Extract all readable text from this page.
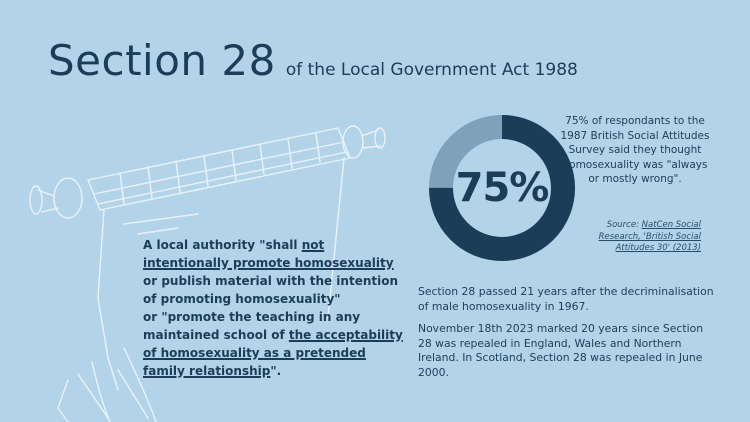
Section 28 of the Local Government Act 1988
A local authority "shall not intentionally promote homosexuality or publish material with the intention of promoting homosexuality"
or "promote the teaching in any maintained school of the acceptability of homosexuality as a pretended family relationship".
75%
75% of respondants to the 1987 British Social Attitudes Survey said they thought homosexuality was "always or mostly wrong".
Source: NatCen Social Research, 'British Social Attitudes 30' (2013)
Section 28 passed 21 years after the decriminalisation of male homosexuality in 1967.
November 18th 2023 marked 20 years since Section 28 was repealed in England, Wales and Northern Ireland. In Scotland, Section 28 was repealed in June 2000.
